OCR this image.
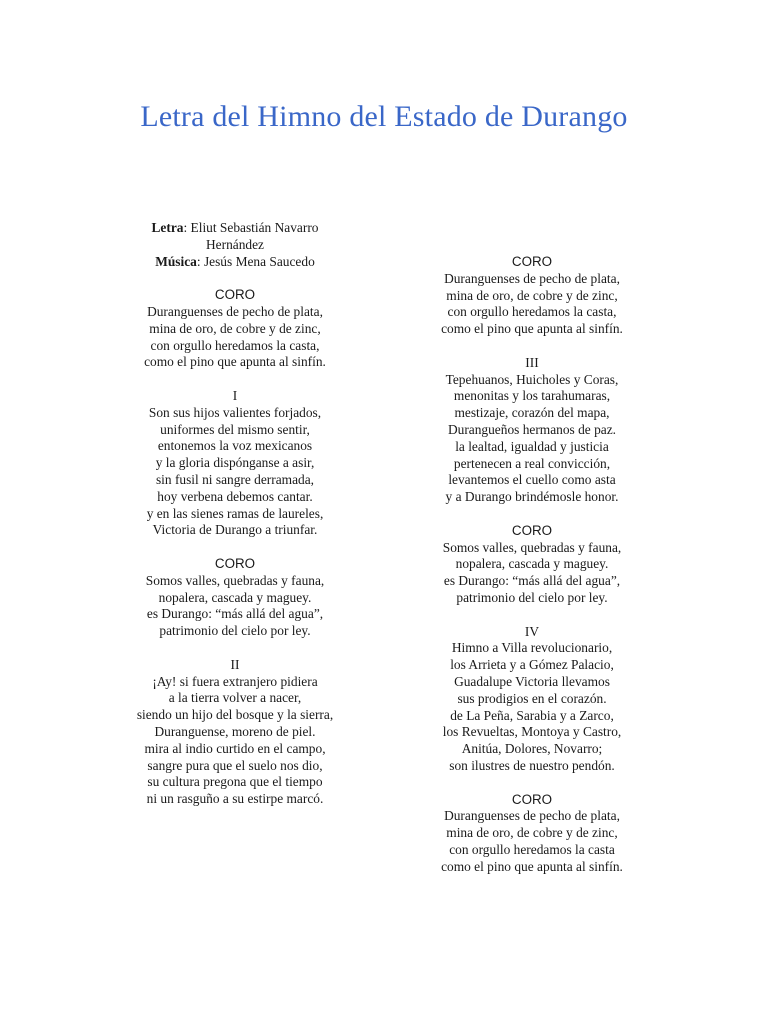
Letra del Himno del Estado de Durango
Letra: Eliut Sebastián Navarro
Hernández
Música: Jesús Mena Saucedo
CORO
Duranguenses de pecho de plata,
mina de oro, de cobre y de zinc,
con orgullo heredamos la casta,
como el pino que apunta al sinfín.
I
Son sus hijos valientes forjados,
uniformes del mismo sentir,
entonemos la voz mexicanos
y la gloria dispónganse a asir,
sin fusil ni sangre derramada,
hoy verbena debemos cantar.
y en las sienes ramas de laureles,
Victoria de Durango a triunfar.
CORO
Somos valles, quebradas y fauna,
nopalera, cascada y maguey.
es Durango: “más allá del agua”,
patrimonio del cielo por ley.
II
¡Ay! si fuera extranjero pidiera
a la tierra volver a nacer,
siendo un hijo del bosque y la sierra,
Duranguense, moreno de piel.
mira al indio curtido en el campo,
sangre pura que el suelo nos dio,
su cultura pregona que el tiempo
ni un rasguño a su estirpe marcó.
CORO
Duranguenses de pecho de plata,
mina de oro, de cobre y de zinc,
con orgullo heredamos la casta,
como el pino que apunta al sinfín.
III
Tepehuanos, Huicholes y Coras,
menonitas y los tarahumaras,
mestizaje, corazón del mapa,
Durangueños hermanos de paz.
la lealtad, igualdad y justicia
pertenecen a real convicción,
levantemos el cuello como asta
y a Durango brindémosle honor.
CORO
Somos valles, quebradas y fauna,
nopalera, cascada y maguey.
es Durango: “más allá del agua”,
patrimonio del cielo por ley.
IV
Himno a Villa revolucionario,
los Arrieta y a Gómez Palacio,
Guadalupe Victoria llevamos
sus prodigios en el corazón.
de La Peña, Sarabia y a Zarco,
los Revueltas, Montoya y Castro,
Anitúa, Dolores, Novarro;
son ilustres de nuestro pendón.
CORO
Duranguenses de pecho de plata,
mina de oro, de cobre y de zinc,
con orgullo heredamos la casta
como el pino que apunta al sinfín.
